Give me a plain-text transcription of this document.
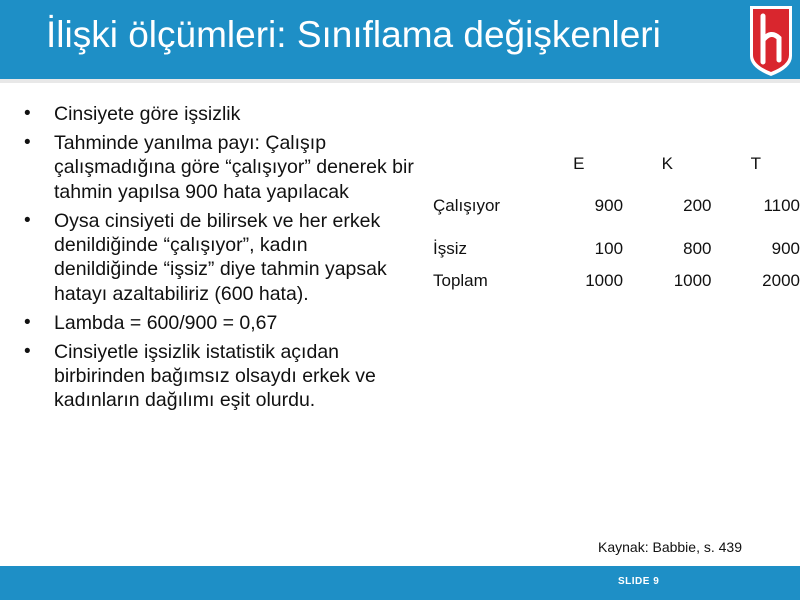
İlişki ölçümleri: Sınıflama değişkenleri
• Cinsiyete göre işsizlik
• Tahminde yanılma payı: Çalışıp çalışmadığına göre “çalışıyor” denerek bir tahmin yapılsa 900 hata yapılacak
• Oysa cinsiyeti de bilirsek ve her erkek denildiğinde “çalışıyor”, kadın denildiğinde “işsiz” diye tahmin yapsak hatayı azaltabiliriz (600 hata).
• Lambda = 600/900 = 0,67
• Cinsiyetle işsizlik istatistik açıdan birbirinden bağımsız olsaydı erkek ve kadınların dağılımı eşit olurdu.
	E	K	T
Çalışıyor	900	200	1100
İşsiz	100	800	900
Toplam	1000	1000	2000
Kaynak: Babbie, s. 439
SLIDE 9
